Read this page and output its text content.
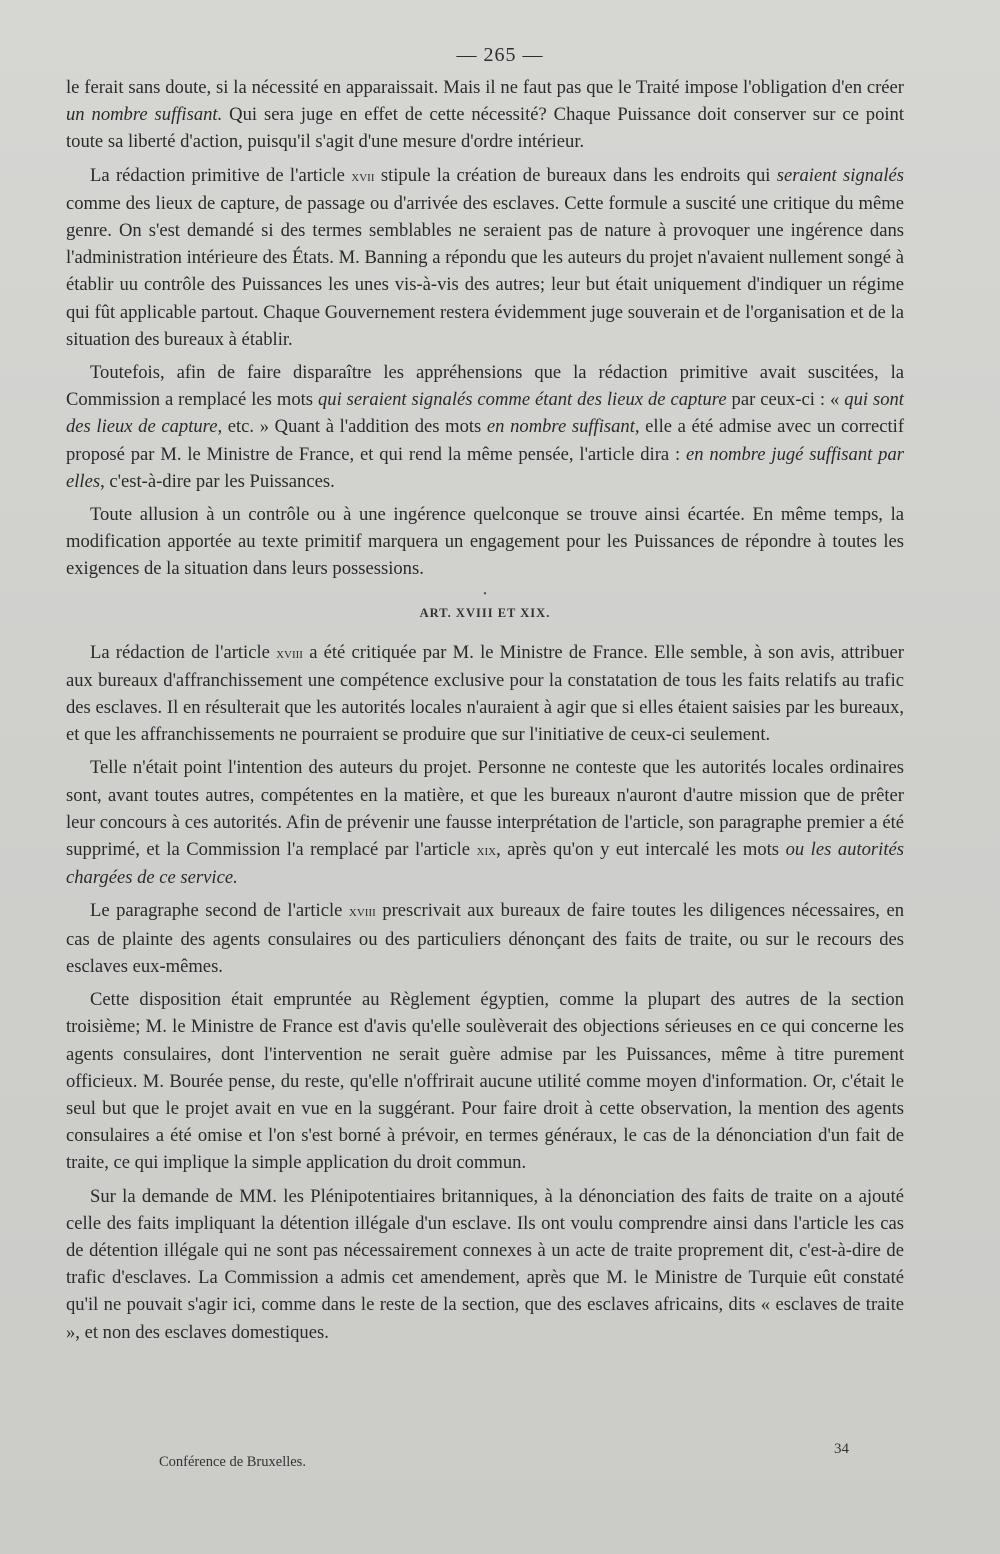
— 265 —

le ferait sans doute, si la nécessité en apparaissait. Mais il ne faut pas que le Traité impose l'obligation d'en créer un nombre suffisant. Qui sera juge en effet de cette nécessité? Chaque Puissance doit conserver sur ce point toute sa liberté d'action, puisqu'il s'agit d'une mesure d'ordre intérieur.

La rédaction primitive de l'article xvii stipule la création de bureaux dans les endroits qui seraient signalés comme des lieux de capture, de passage ou d'arrivée des esclaves. Cette formule a suscité une critique du même genre. On s'est demandé si des termes semblables ne seraient pas de nature à provoquer une ingérence dans l'administration intérieure des États. M. Banning a répondu que les auteurs du projet n'avaient nullement songé à établir uu contrôle des Puissances les unes vis-à-vis des autres; leur but était uniquement d'indiquer un régime qui fût applicable partout. Chaque Gouvernement restera évidemment juge souverain et de l'organisation et de la situation des bureaux à établir.

Toutefois, afin de faire disparaître les appréhensions que la rédaction primitive avait suscitées, la Commission a remplacé les mots qui seraient signalés comme étant des lieux de capture par ceux-ci : « qui sont des lieux de capture, etc. » Quant à l'addition des mots en nombre suffisant, elle a été admise avec un correctif proposé par M. le Ministre de France, et qui rend la même pensée, l'article dira : en nombre jugé suffisant par elles, c'est-à-dire par les Puissances.

Toute allusion à un contrôle ou à une ingérence quelconque se trouve ainsi écartée. En même temps, la modification apportée au texte primitif marquera un engagement pour les Puissances de répondre à toutes les exigences de la situation dans leurs possessions.

•
ART. XVIII ET XIX.

La rédaction de l'article xviii a été critiquée par M. le Ministre de France. Elle semble, à son avis, attribuer aux bureaux d'affranchissement une compétence exclusive pour la constatation de tous les faits relatifs au trafic des esclaves. Il en résulterait que les autorités locales n'auraient à agir que si elles étaient saisies par les bureaux, et que les affranchissements ne pourraient se produire que sur l'initiative de ceux-ci seulement.

Telle n'était point l'intention des auteurs du projet. Personne ne conteste que les autorités locales ordinaires sont, avant toutes autres, compétentes en la matière, et que les bureaux n'auront d'autre mission que de prêter leur concours à ces autorités. Afin de prévenir une fausse interprétation de l'article, son paragraphe premier a été supprimé, et la Commission l'a remplacé par l'article xix, après qu'on y eut intercalé les mots ou les autorités chargées de ce service.

Le paragraphe second de l'article xviii prescrivait aux bureaux de faire toutes les diligences nécessaires, en cas de plainte des agents consulaires ou des particuliers dénonçant des faits de traite, ou sur le recours des esclaves eux-mêmes.

Cette disposition était empruntée au Règlement égyptien, comme la plupart des autres de la section troisième; M. le Ministre de France est d'avis qu'elle soulèverait des objections sérieuses en ce qui concerne les agents consulaires, dont l'intervention ne serait guère admise par les Puissances, même à titre purement officieux. M. Bourée pense, du reste, qu'elle n'offrirait aucune utilité comme moyen d'information. Or, c'était le seul but que le projet avait en vue en la suggérant. Pour faire droit à cette observation, la mention des agents consulaires a été omise et l'on s'est borné à prévoir, en termes généraux, le cas de la dénonciation d'un fait de traite, ce qui implique la simple application du droit commun.

Sur la demande de MM. les Plénipotentiaires britanniques, à la dénonciation des faits de traite on a ajouté celle des faits impliquant la détention illégale d'un esclave. Ils ont voulu comprendre ainsi dans l'article les cas de détention illégale qui ne sont pas nécessairement connexes à un acte de traite proprement dit, c'est-à-dire de trafic d'esclaves. La Commission a admis cet amendement, après que M. le Ministre de Turquie eût constaté qu'il ne pouvait s'agir ici, comme dans le reste de la section, que des esclaves africains, dits « esclaves de traite », et non des esclaves domestiques.

Conférence de Bruxelles.
34
